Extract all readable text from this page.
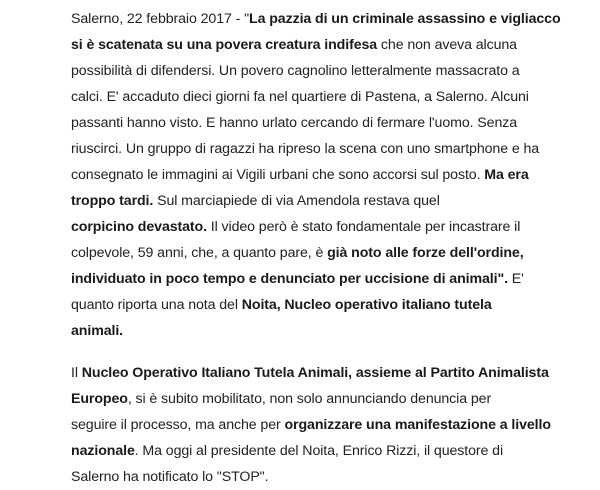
Salerno, 22 febbraio 2017 - "La pazzia di un criminale assassino e vigliacco
si è scatenata su una povera creatura indifesa che non aveva alcuna
possibilità di difendersi. Un povero cagnolino letteralmente massacrato a
calci. E' accaduto dieci giorni fa nel quartiere di Pastena, a Salerno. Alcuni
passanti hanno visto. E hanno urlato cercando di fermare l'uomo. Senza
riuscirci. Un gruppo di ragazzi ha ripreso la scena con uno smartphone e ha
consegnato le immagini ai Vigili urbani che sono accorsi sul posto. Ma era
troppo tardi. Sul marciapiede di via Amendola restava quel
corpicino devastato. Il video però è stato fondamentale per incastrare il
colpevole, 59 anni, che, a quanto pare, è già noto alle forze dell'ordine,
individuato in poco tempo e denunciato per uccisione di animali". E'
quanto riporta una nota del Noita, Nucleo operativo italiano tutela
animali.

Il Nucleo Operativo Italiano Tutela Animali, assieme al Partito Animalista
Europeo, si è subito mobilitato, non solo annunciando denuncia per
seguire il processo, ma anche per organizzare una manifestazione a livello
nazionale. Ma oggi al presidente del Noita, Enrico Rizzi, il questore di
Salerno ha notificato lo "STOP".
